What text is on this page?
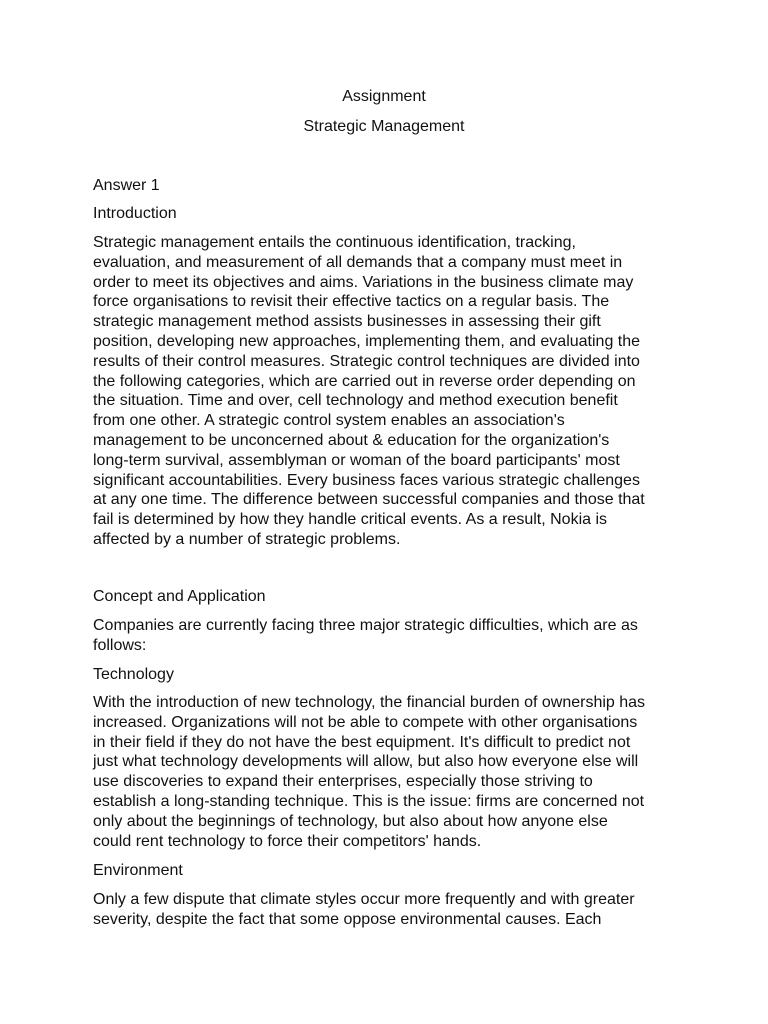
Assignment

Strategic Management

Answer 1

Introduction

Strategic management entails the continuous identification, tracking,
evaluation, and measurement of all demands that a company must meet in
order to meet its objectives and aims. Variations in the business climate may
force organisations to revisit their effective tactics on a regular basis. The
strategic management method assists businesses in assessing their gift
position, developing new approaches, implementing them, and evaluating the
results of their control measures. Strategic control techniques are divided into
the following categories, which are carried out in reverse order depending on
the situation. Time and over, cell technology and method execution benefit
from one other. A strategic control system enables an association's
management to be unconcerned about & education for the organization's
long-term survival, assemblyman or woman of the board participants' most
significant accountabilities. Every business faces various strategic challenges
at any one time. The difference between successful companies and those that
fail is determined by how they handle critical events. As a result, Nokia is
affected by a number of strategic problems.

Concept and Application

Companies are currently facing three major strategic difficulties, which are as
follows:

Technology

With the introduction of new technology, the financial burden of ownership has
increased. Organizations will not be able to compete with other organisations
in their field if they do not have the best equipment. It's difficult to predict not
just what technology developments will allow, but also how everyone else will
use discoveries to expand their enterprises, especially those striving to
establish a long-standing technique. This is the issue: firms are concerned not
only about the beginnings of technology, but also about how anyone else
could rent technology to force their competitors' hands.

Environment

Only a few dispute that climate styles occur more frequently and with greater
severity, despite the fact that some oppose environmental causes. Each
